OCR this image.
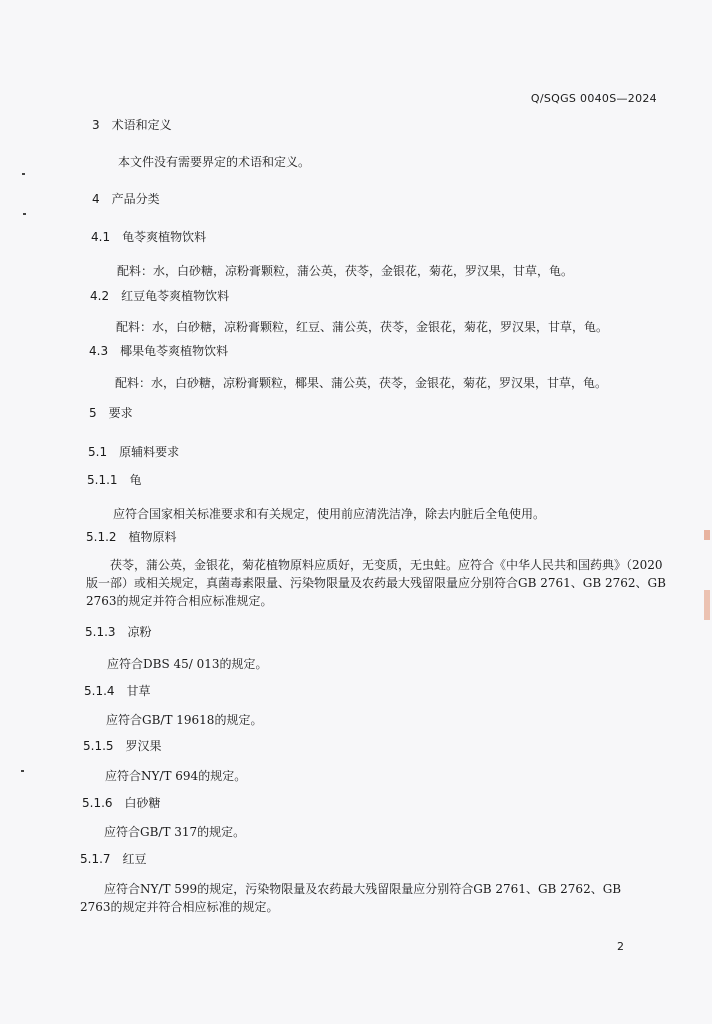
Q/SQGS 0040S—2024
3 术语和定义
本文件没有需要界定的术语和定义。
4 产品分类
4.1 龟苓爽植物饮料
配料：水，白砂糖，凉粉膏颗粒，蒲公英，茯苓，金银花，菊花，罗汉果，甘草，龟。
4.2 红豆龟苓爽植物饮料
配料：水，白砂糖，凉粉膏颗粒，红豆、蒲公英，茯苓，金银花，菊花，罗汉果，甘草，龟。
4.3 椰果龟苓爽植物饮料
配料：水，白砂糖，凉粉膏颗粒，椰果、蒲公英，茯苓，金银花，菊花，罗汉果，甘草，龟。
5 要求
5.1 原辅料要求
5.1.1 龟
应符合国家相关标准要求和有关规定，使用前应清洗洁净，除去内脏后全龟使用。
5.1.2 植物原料
茯苓，蒲公英，金银花，菊花植物原料应质好，无变质，无虫蛀。应符合《中华人民共和国药典》（2020版一部）或相关规定，真菌毒素限量、污染物限量及农药最大残留限量应分别符合GB 2761、GB 2762、GB 2763的规定并符合相应标准规定。
5.1.3 凉粉
应符合DBS 45/ 013的规定。
5.1.4 甘草
应符合GB/T 19618的规定。
5.1.5 罗汉果
应符合NY/T 694的规定。
5.1.6 白砂糖
应符合GB/T 317的规定。
5.1.7 红豆
应符合NY/T 599的规定，污染物限量及农药最大残留限量应分别符合GB 2761、GB 2762、GB 2763的规定并符合相应标准的规定。
2
